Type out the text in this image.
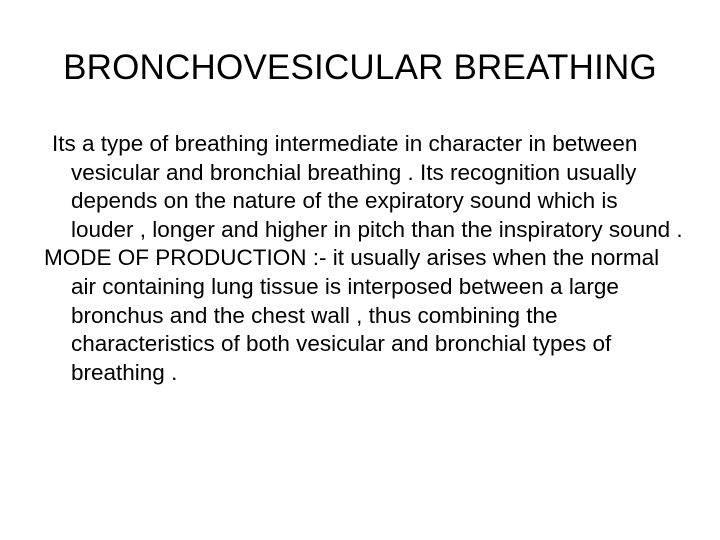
BRONCHOVESICULAR BREATHING

Its a type of breathing intermediate in character in between vesicular and bronchial breathing . Its recognition usually depends on the nature of the expiratory sound which is louder , longer and higher in pitch than the inspiratory sound .

MODE OF PRODUCTION :- it usually arises when the normal air containing lung tissue is interposed between a large bronchus and the chest wall , thus combining the characteristics of both vesicular and bronchial types of breathing .
